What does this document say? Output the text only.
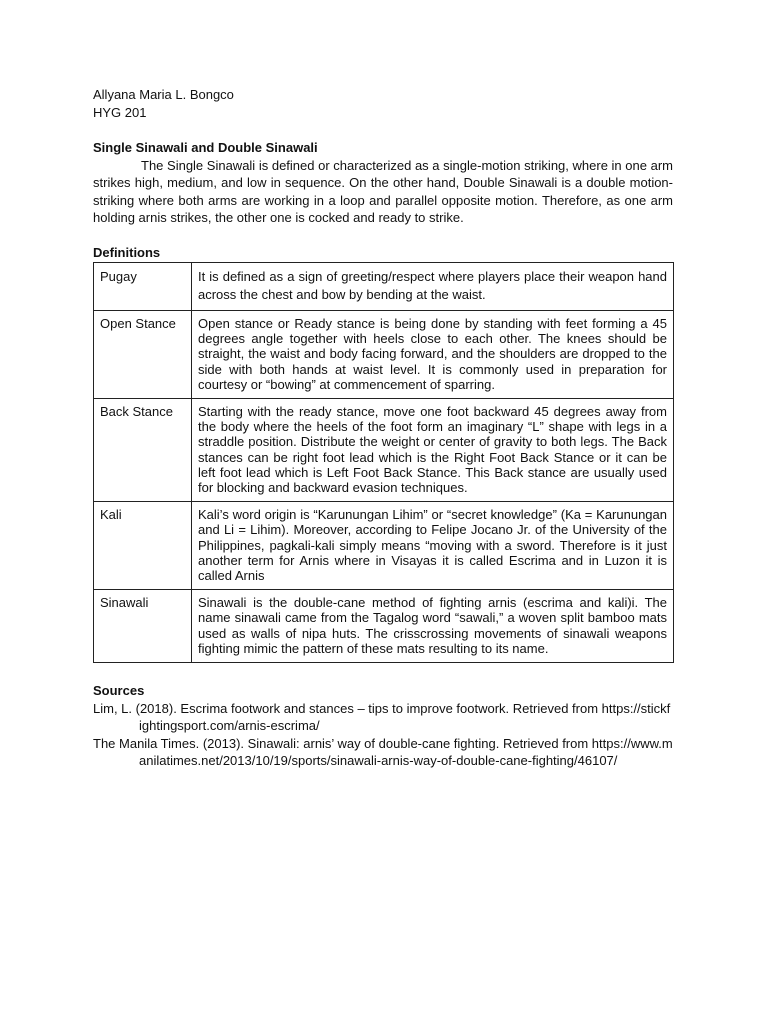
Allyana Maria L. Bongco
HYG 201
Single Sinawali and Double Sinawali
The Single Sinawali is defined or characterized as a single-motion striking, where in one arm strikes high, medium, and low in sequence. On the other hand, Double Sinawali is a double motion-striking where both arms are working in a loop and parallel opposite motion. Therefore, as one arm holding arnis strikes, the other one is cocked and ready to strike.
Definitions
Pugay	It is defined as a sign of greeting/respect where players place their weapon hand across the chest and bow by bending at the waist.
Open Stance	Open stance or Ready stance is being done by standing with feet forming a 45 degrees angle together with heels close to each other. The knees should be straight, the waist and body facing forward, and the shoulders are dropped to the side with both hands at waist level. It is commonly used in preparation for courtesy or “bowing” at commencement of sparring.
Back Stance	Starting with the ready stance, move one foot backward 45 degrees away from the body where the heels of the foot form an imaginary “L” shape with legs in a straddle position. Distribute the weight or center of gravity to both legs. The Back stances can be right foot lead which is the Right Foot Back Stance or it can be left foot lead which is Left Foot Back Stance. This Back stance are usually used for blocking and backward evasion techniques.
Kali	Kali’s word origin is “Karunungan Lihim” or “secret knowledge” (Ka = Karunungan and Li = Lihim). Moreover, according to Felipe Jocano Jr. of the University of the Philippines, pagkali-kali simply means “moving with a sword. Therefore is it just another term for Arnis where in Visayas it is called Escrima and in Luzon it is called Arnis
Sinawali	Sinawali is the double-cane method of fighting arnis (escrima and kali)i. The name sinawali came from the Tagalog word “sawali,” a woven split bamboo mats used as walls of nipa huts. The crisscrossing movements of sinawali weapons fighting mimic the pattern of these mats resulting to its name.
Sources
Lim, L. (2018). Escrima footwork and stances – tips to improve footwork. Retrieved from https://stickfightingsport.com/arnis-escrima/
The Manila Times. (2013). Sinawali: arnis’ way of double-cane fighting. Retrieved from https://www.manilatimes.net/2013/10/19/sports/sinawali-arnis-way-of-double-cane-fighting/46107/
